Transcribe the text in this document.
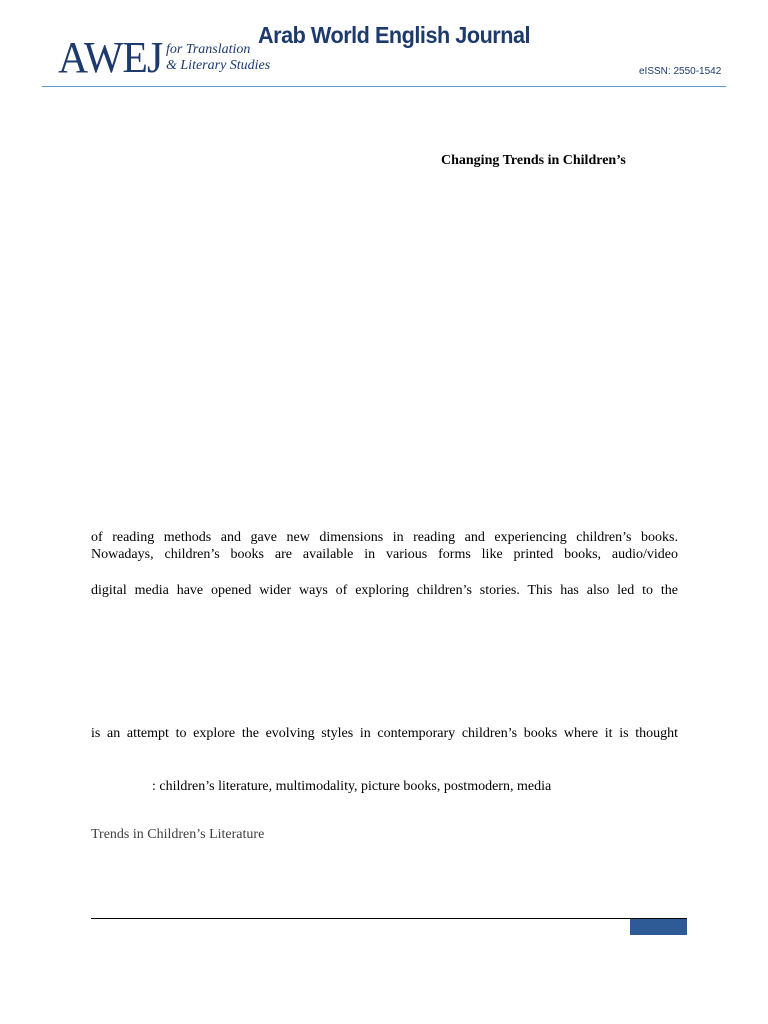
AWEJ for Translation
& Literary Studies
Arab World English Journal
eISSN: 2550-1542
Changing Trends in Children’s
of reading methods and gave new dimensions in reading and experiencing children’s books.
Nowadays, children’s books are available in various forms like printed books, audio/video
digital media have opened wider ways of exploring children’s stories. This has also led to the
is an attempt to explore the evolving styles in contemporary children’s books where it is thought
: children’s literature, multimodality, picture books, postmodern, media
Trends in Children’s Literature
